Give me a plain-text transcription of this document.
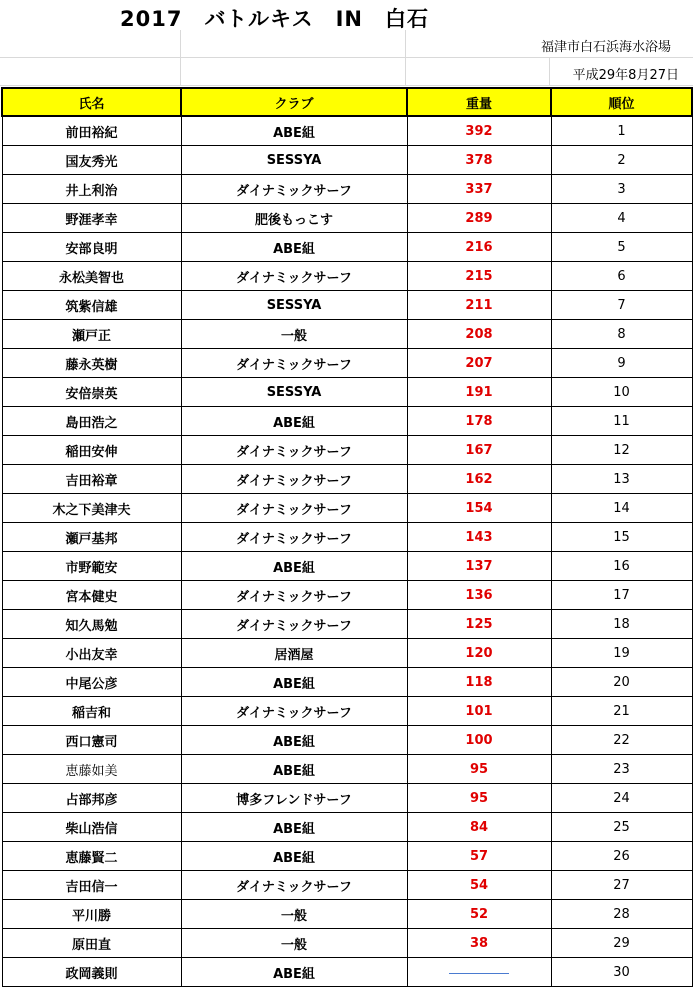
2017　バトルキス　IN　白石
福津市白石浜海水浴場
平成29年8月27日
氏名	クラブ	重量	順位
前田裕紀	ABE組	392	1
国友秀光	SESSYA	378	2
井上利治	ダイナミックサーフ	337	3
野涯孝幸	肥後もっこす	289	4
安部良明	ABE組	216	5
永松美智也	ダイナミックサーフ	215	6
筑紫信雄	SESSYA	211	7
瀬戸正	一般	208	8
藤永英樹	ダイナミックサーフ	207	9
安倍崇英	SESSYA	191	10
島田浩之	ABE組	178	11
稲田安伸	ダイナミックサーフ	167	12
吉田裕章	ダイナミックサーフ	162	13
木之下美津夫	ダイナミックサーフ	154	14
瀬戸基邦	ダイナミックサーフ	143	15
市野範安	ABE組	137	16
宮本健史	ダイナミックサーフ	136	17
知久馬勉	ダイナミックサーフ	125	18
小出友幸	居酒屋	120	19
中尾公彦	ABE組	118	20
稲吉和	ダイナミックサーフ	101	21
西口憲司	ABE組	100	22
恵藤如美	ABE組	95	23
占部邦彦	博多フレンドサーフ	95	24
柴山浩信	ABE組	84	25
恵藤賢二	ABE組	57	26
吉田信一	ダイナミックサーフ	54	27
平川勝	一般	52	28
原田直	一般	38	29
政岡義則	ABE組		30
